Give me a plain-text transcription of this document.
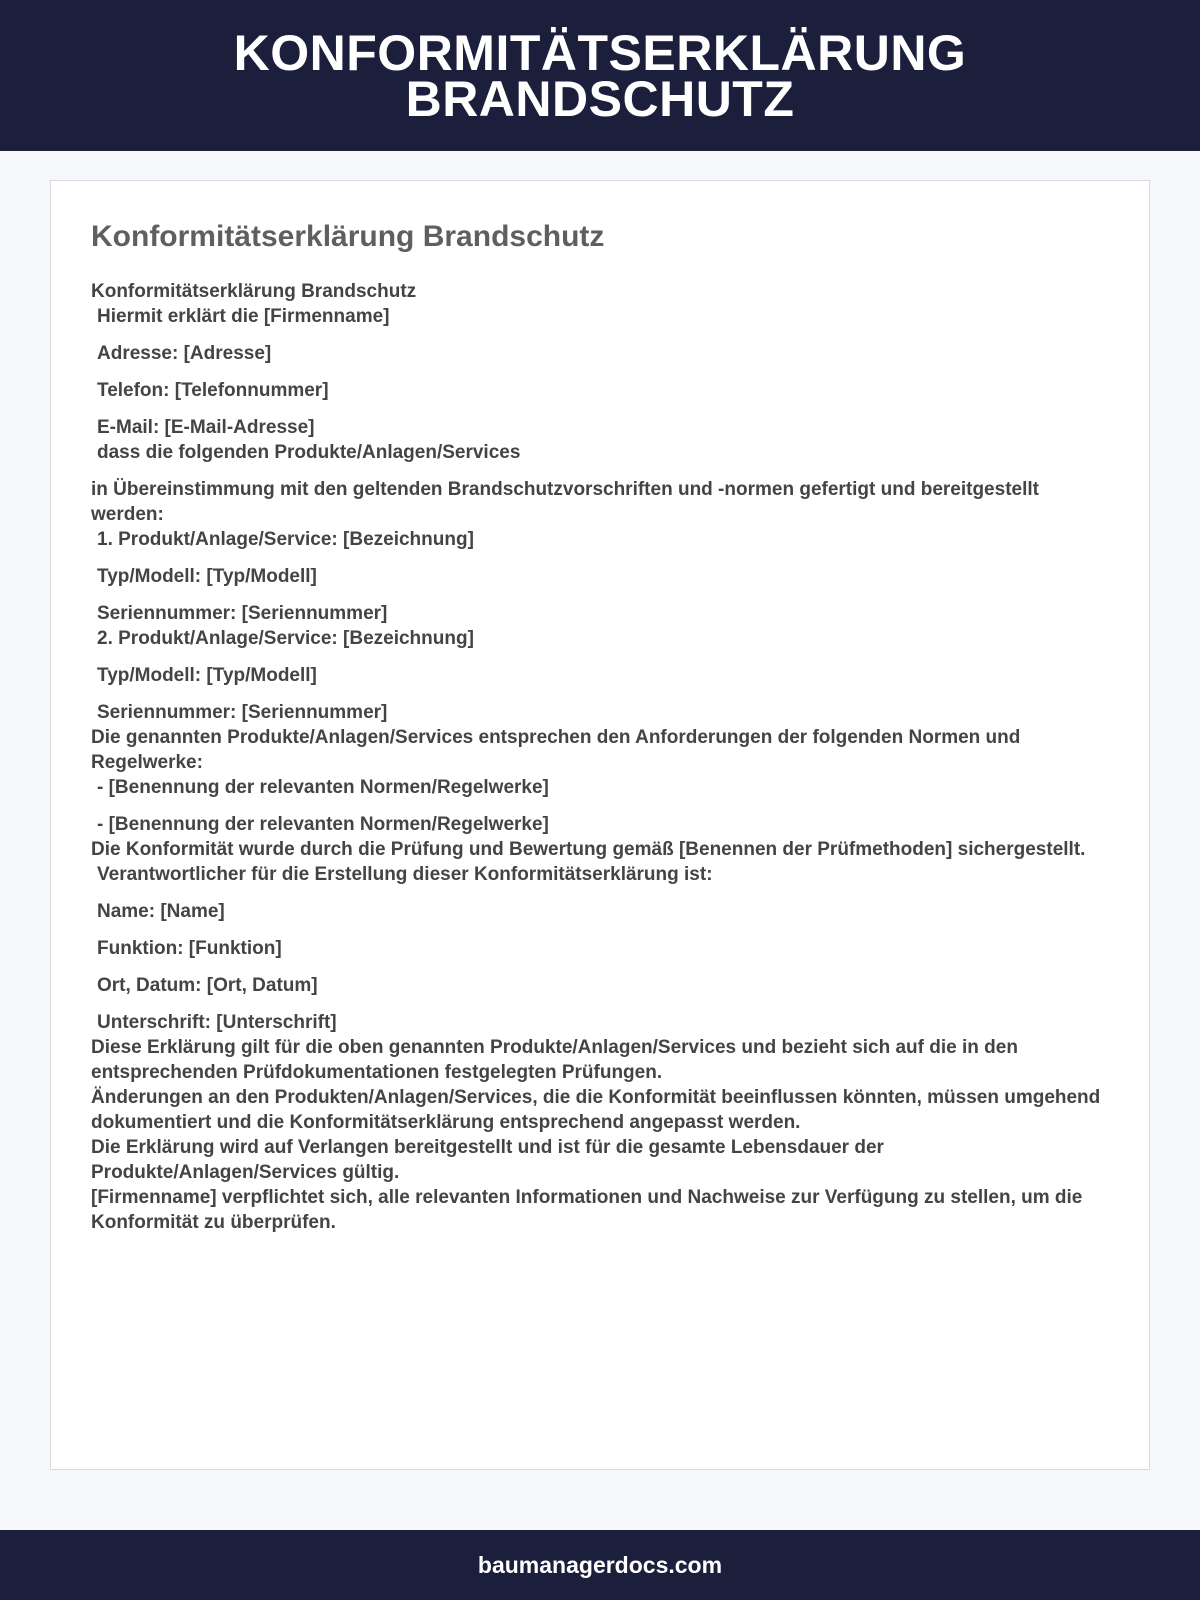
KONFORMITÄTSERKLÄRUNG BRANDSCHUTZ
Konformitätserklärung Brandschutz

Konformitätserklärung Brandschutz

Hiermit erklärt die [Firmenname]

Adresse: [Adresse]

Telefon: [Telefonnummer]

E-Mail: [E-Mail-Adresse]

dass die folgenden Produkte/Anlagen/Services

in Übereinstimmung mit den geltenden Brandschutzvorschriften und -normen gefertigt und bereitgestellt werden:

1. Produkt/Anlage/Service: [Bezeichnung]

Typ/Modell: [Typ/Modell]

Seriennummer: [Seriennummer]

2. Produkt/Anlage/Service: [Bezeichnung]

Typ/Modell: [Typ/Modell]

Seriennummer: [Seriennummer]

Die genannten Produkte/Anlagen/Services entsprechen den Anforderungen der folgenden Normen und Regelwerke:

- [Benennung der relevanten Normen/Regelwerke]

- [Benennung der relevanten Normen/Regelwerke]

Die Konformität wurde durch die Prüfung und Bewertung gemäß [Benennen der Prüfmethoden] sichergestellt.

Verantwortlicher für die Erstellung dieser Konformitätserklärung ist:

Name: [Name]

Funktion: [Funktion]

Ort, Datum: [Ort, Datum]

Unterschrift: [Unterschrift]

Diese Erklärung gilt für die oben genannten Produkte/Anlagen/Services und bezieht sich auf die in den entsprechenden Prüfdokumentationen festgelegten Prüfungen.

Änderungen an den Produkten/Anlagen/Services, die die Konformität beeinflussen könnten, müssen umgehend dokumentiert und die Konformitätserklärung entsprechend angepasst werden.

Die Erklärung wird auf Verlangen bereitgestellt und ist für die gesamte Lebensdauer der Produkte/Anlagen/Services gültig.

[Firmenname] verpflichtet sich, alle relevanten Informationen und Nachweise zur Verfügung zu stellen, um die Konformität zu überprüfen.

baumanagerdocs.com
